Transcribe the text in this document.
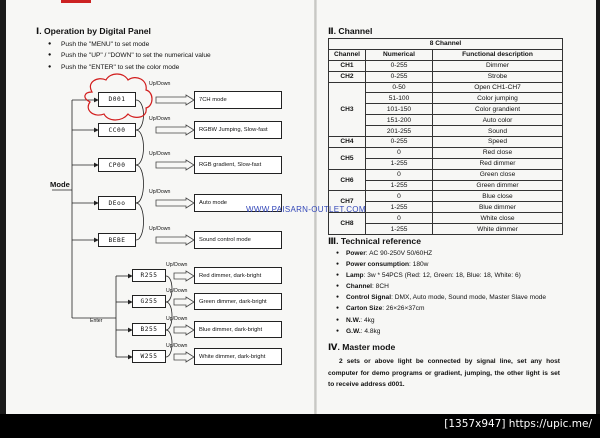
Ⅰ. Operation by Digital Panel
● Push the "MENU" to set mode
● Push the "UP" / "DOWN" to set the numerical value
● Push the "ENTER" to set the color mode
D001
CC00
CP00
DEoo
BEBE
7CH mode
RGBW Jumping, Slow-fast
RGB gradient, Slow-fast
Auto mode
Sound control mode
R255
G255
B255
W255
Red dimmer, dark-bright
Green dimmer, dark-bright
Blue dimmer, dark-bright
White dimmer, dark-bright
Up/Down
Up/Down
Up/Down
Up/Down
Up/Down
Up/Down
Up/Down
Up/Down
Up/Down
Mode
Enter
WWW.PAISARN-OUTLET.COM
Ⅱ. Channel
8 Channel		
Channel	Numerical	Functional description
CH1	0-255	Dimmer
CH2	0-255	Strobe
CH3	0-50	Open CH1-CH7
	51-100	Color jumping
	101-150	Color grandient
	151-200	Auto color
	201-255	Sound
CH4	0-255	Speed
CH5	0	Red close
	1-255	Red dimmer
CH6	0	Green close
	1-255	Green dimmer
CH7	0	Blue close
	1-255	Blue dimmer
CH8	0	White close
	1-255	White dimmer
Ⅲ. Technical reference
● Power: AC 90-250V 50/60HZ
● Power consumption: 180w
● Lamp: 3w * 54PCS (Red: 12, Green: 18, Blue: 18, White: 6)
● Channel: 8CH
● Control Signal: DMX, Auto mode, Sound mode, Master Slave mode
● Carton Size: 26×26×37cm
● N.W.: 4kg
● G.W.: 4.8kg
Ⅳ. Master mode
2 sets or above light be connected by signal line, set any host computer for demo programs or gradient, jumping, the other light is set to receive address d001.
[1357x947] https://upic.me/
